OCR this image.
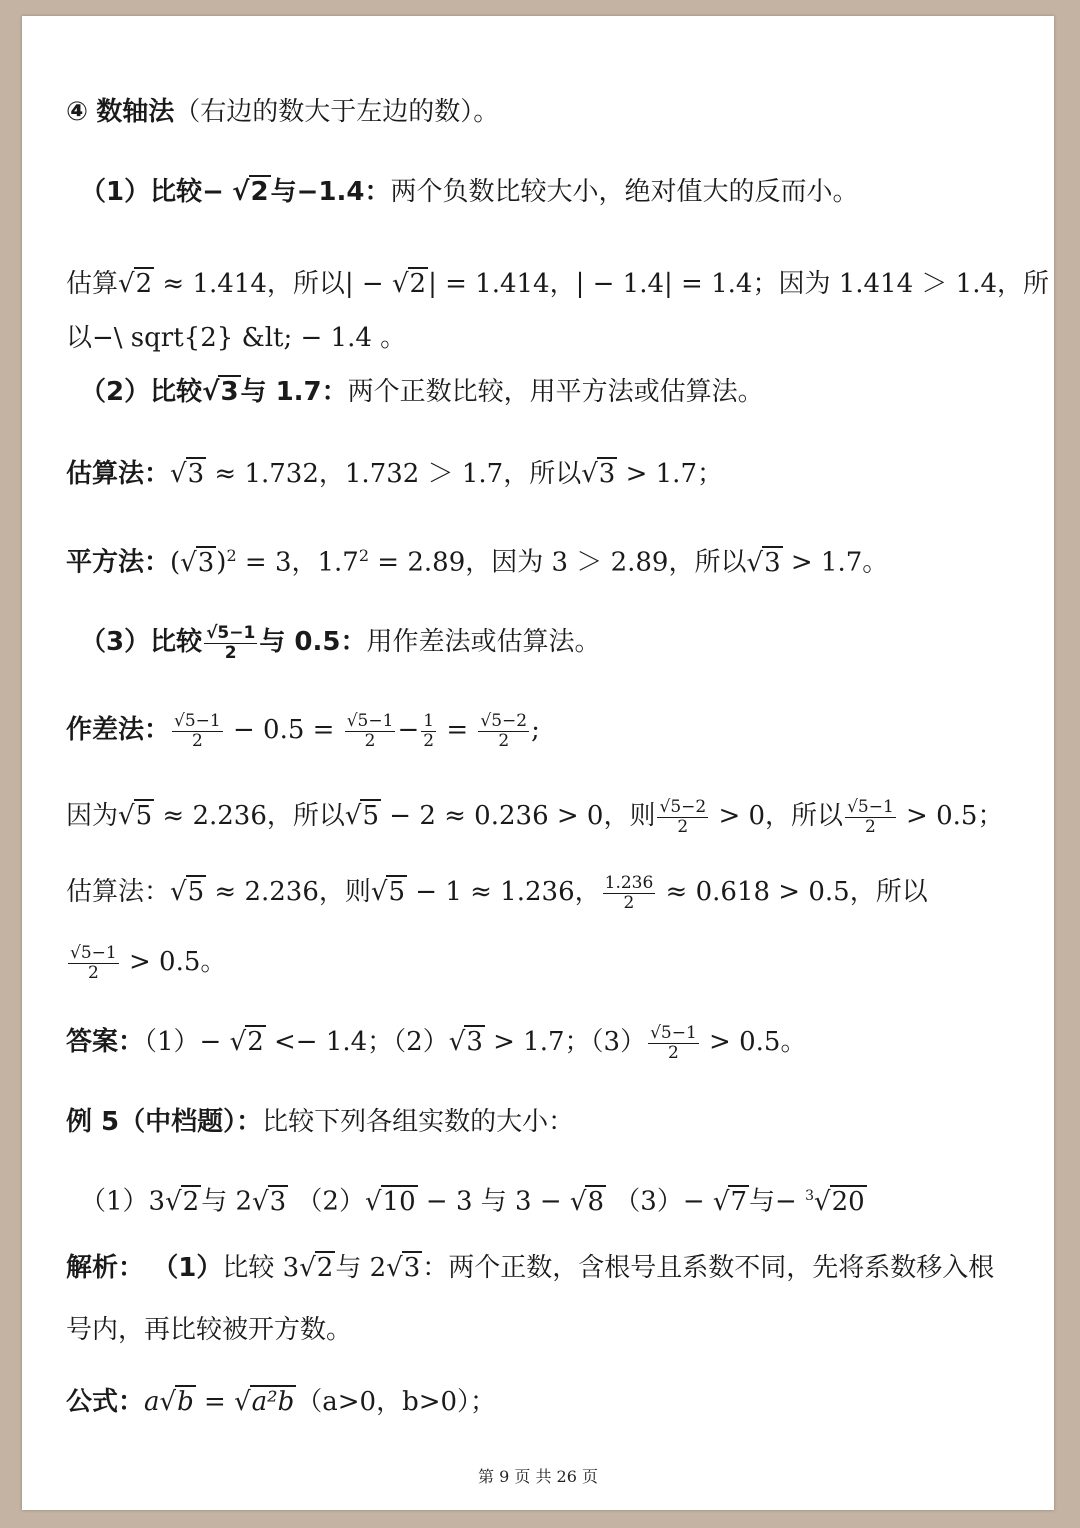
④ 数轴法（右边的数大于左边的数）。
（1）比较− √2与−1.4：两个负数比较大小，绝对值大的反而小。
估算√2 ≈ 1.414，所以| − √2| = 1.414，| − 1.4| = 1.4；因为 1.414 ＞ 1.4，所
以−\ sqrt{2} &lt; − 1.4 。
（2）比较√3与 1.7：两个正数比较，用平方法或估算法。
估算法：√3 ≈ 1.732，1.732 ＞ 1.7，所以√3 > 1.7；
平方法：$(√3)^2 = 3$，$1.7^2 = 2.89$，因为 3 ＞ 2.89，所以√3 > 1.7。
（3）比较 $\frac{√5-1}{2}$ 与 0.5：用作差法或估算法。
作差法： $\frac{√5-1}{2} - 0.5 = \frac{√5-1}{2} - \frac{1}{2} = \frac{√5-2}{2}$ ;
因为√5 ≈ 2.236，所以√5 − 2 ≈ 0.236 > 0，则 $\frac{√5-2}{2} > 0$，所以 $\frac{√5-1}{2} > 0.5$；
估算法：√5 ≈ 2.236，则√5 − 1 ≈ 1.236， $\frac{1.236}{2} \approx 0.618 > 0.5$，所以
$\frac{√5-1}{2} > 0.5$。
答案：（1）− √2 <− 1.4；（2）√3 > 1.7；$(3) \frac{√5-1}{2} > 0.5$。
例 5（中档题）：比较下列各组实数的大小：
（1）3√2与 2√3 （2）√10 − 3 与 3 − √8 （3）− √7与− $^3$√20
解析： （1）比较 3√2与 2√3：两个正数，含根号且系数不同，先将系数移入根
号内，再比较被开方数。
公式：a√b = √a²b（a>0，b>0）；
第 9 页 共 26 页
